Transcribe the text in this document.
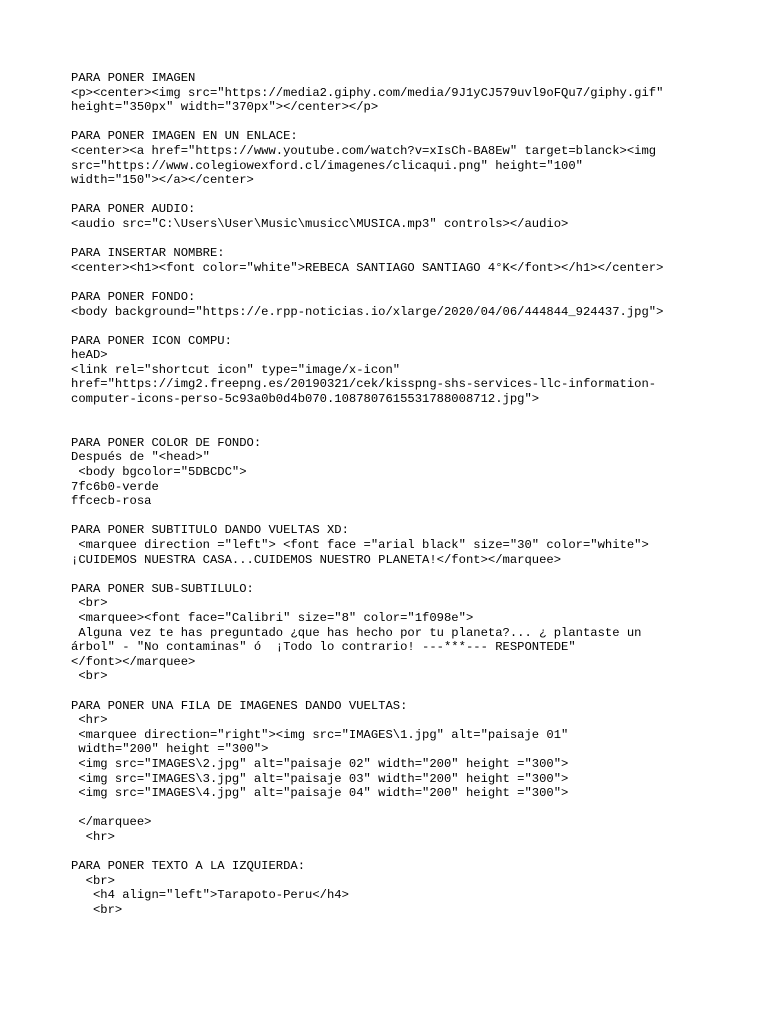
PARA PONER IMAGEN
<p><center><img src="https://media2.giphy.com/media/9J1yCJ579uvl9oFQu7/giphy.gif"
height="350px" width="370px"></center></p>
PARA PONER IMAGEN EN UN ENLACE:
<center><a href="https://www.youtube.com/watch?v=xIsCh-BA8Ew" target=blanck><img
src="https://www.colegiowexford.cl/imagenes/clicaqui.png" height="100"
width="150"></a></center>
PARA PONER AUDIO:
<audio src="C:\Users\User\Music\musicc\MUSICA.mp3" controls></audio>
PARA INSERTAR NOMBRE:
<center><h1><font color="white">REBECA SANTIAGO SANTIAGO 4°K</font></h1></center>
PARA PONER FONDO:
<body background="https://e.rpp-noticias.io/xlarge/2020/04/06/444844_924437.jpg">
PARA PONER ICON COMPU:
heAD>
<link rel="shortcut icon" type="image/x-icon"
href="https://img2.freepng.es/20190321/cek/kisspng-shs-services-llc-information-
computer-icons-perso-5c93a0b0d4b070.1087807615531788008712.jpg">
PARA PONER COLOR DE FONDO:
Después de "<head>"
<body bgcolor="5DBCDC">
7fc6b0-verde
ffcecb-rosa
PARA PONER SUBTITULO DANDO VUELTAS XD:
<marquee direction ="left"> <font face ="arial black" size="30" color="white">
¡CUIDEMOS NUESTRA CASA...CUIDEMOS NUESTRO PLANETA!</font></marquee>
PARA PONER SUB-SUBTILULO:
<br>
<marquee><font face="Calibri" size="8" color="1f098e">
Alguna vez te has preguntado ¿que has hecho por tu planeta?... ¿ plantaste un
árbol" - "No contaminas" ó  ¡Todo lo contrario! ---***--- RESPONTEDE"
</font></marquee>
<br>
PARA PONER UNA FILA DE IMAGENES DANDO VUELTAS:
<hr>
<marquee direction="right"><img src="IMAGES\1.jpg" alt="paisaje 01"
width="200" height ="300">
<img src="IMAGES\2.jpg" alt="paisaje 02" width="200" height ="300">
<img src="IMAGES\3.jpg" alt="paisaje 03" width="200" height ="300">
<img src="IMAGES\4.jpg" alt="paisaje 04" width="200" height ="300">
</marquee>
<hr>
PARA PONER TEXTO A LA IZQUIERDA:
<br>
<h4 align="left">Tarapoto-Peru</h4>
<br>
